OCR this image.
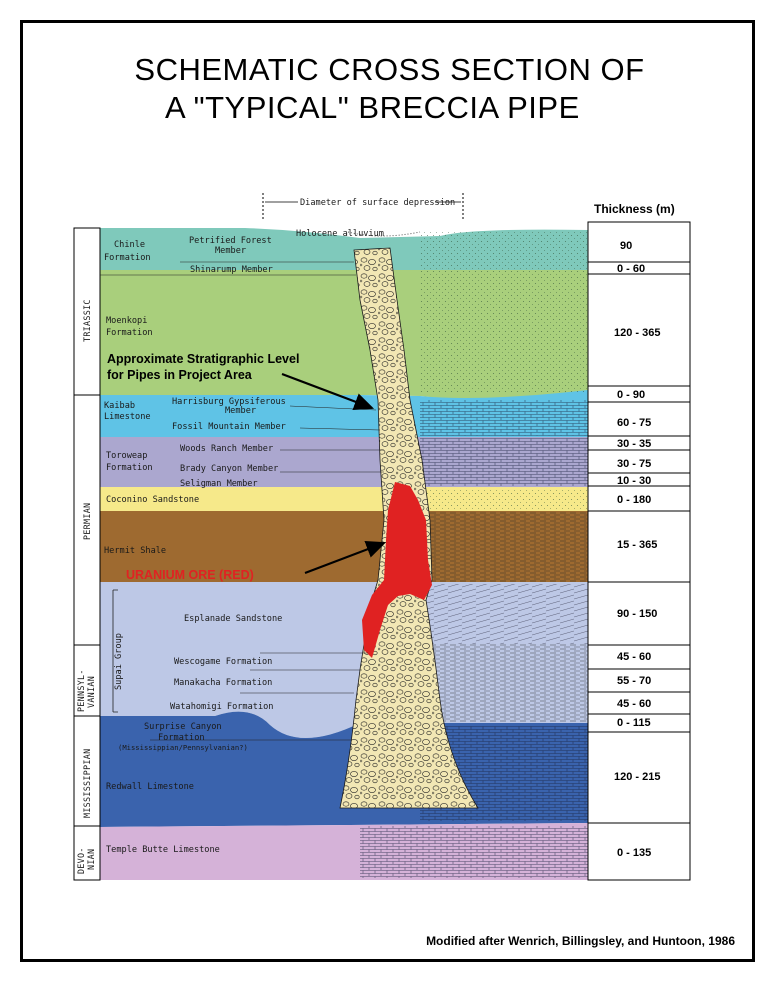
SCHEMATIC CROSS SECTION OF
A "TYPICAL" BRECCIA PIPE
Thickness (m)
TRIASSIC
PERMIAN
PENNSYL- VANIAN
MISSISSIPPIAN
DEVO- NIAN
Supai Group
Diameter of surface depression
Holocene alluvium
Chinle
Formation
Petrified Forest
Member
Shinarump Member
Moenkopi
Formation
Kaibab
Limestone
Harrisburg Gypsiferous
Member
Fossil Mountain Member
Woods Ranch Member
Toroweap
Formation	Brady Canyon Member
Seligman Member
Coconino Sandstone
Hermit Shale
Esplanade Sandstone
Wescogame Formation
Manakacha Formation
Watahomigi Formation
Surprise Canyon
Formation
(Mississippian/Pennsylvanian?)
Redwall Limestone
Temple Butte Limestone
90
0 - 60
120 - 365
0 - 90
60 - 75
30 - 35
30 - 75
10 - 30
0 - 180
15 - 365
90 - 150
45 - 60
55 - 70
45 - 60
0 - 115
120 - 215
0 - 135
Approximate Stratigraphic Level
for Pipes in Project Area
URANIUM ORE (RED)
Modified after Wenrich, Billingsley, and Huntoon, 1986
